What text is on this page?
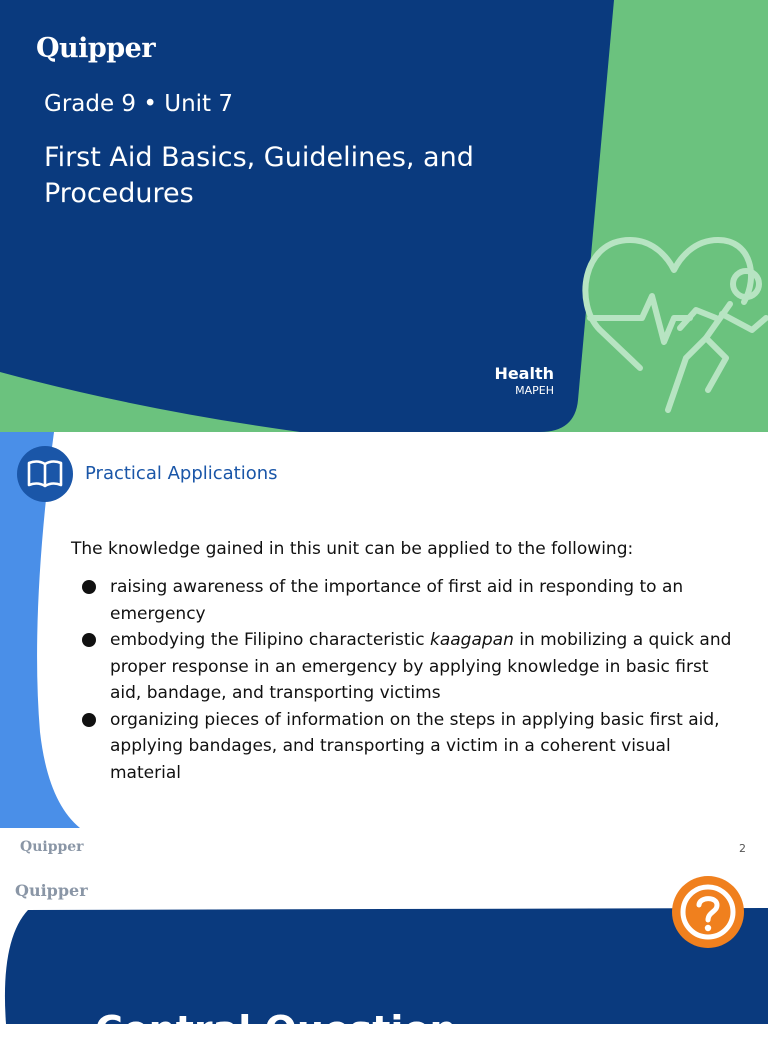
Quipper
Grade 9 • Unit 7
First Aid Basics, Guidelines, and Procedures
Health
MAPEH
Practical Applications
The knowledge gained in this unit can be applied to the following:
raising awareness of the importance of first aid in responding to an emergency
embodying the Filipino characteristic kaagapan in mobilizing a quick and proper response in an emergency by applying knowledge in basic first aid, bandage, and transporting victims
organizing pieces of information on the steps in applying basic first aid, applying bandages, and transporting a victim in a coherent visual material
Quipper	2
Quipper
Central Question
